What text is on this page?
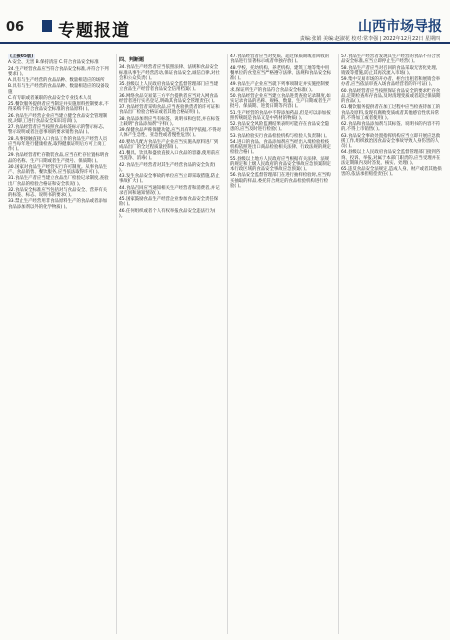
06 专题报道	山西市场导报
责编:张娟 美编:赵淑花 校对:常李强 | 2022年12月22日 星期四

(上接05版)

A.安全、无害 B.保持清洁 C.符合食品安全标准

24.生产经营食品应当符合食品安全标准,并符合下列要求( )。

A.具有与生产经营的食品品种、数量相适应的场所

B.具有与生产经营的食品品种、数量相适应的设备设施

C.有专职或者兼职的食品安全专业技术人员

25.餐饮服务提供者应当制定并实施原料控制要求,不得采购不符合食品安全标准的食品原料( )。

26.食品生产经营企业应当建立健全食品安全管理制度,对职工进行食品安全知识培训( )。

27.食品经营者应当按照食品标签标示的警示标志、警示说明或者注意事项的要求销售食品( )。

28.从事接触直接入口食品工作的食品生产经营人员应当每年进行健康检查,取得健康证明后方可上岗工作( )。

29.食品经营者贮存散装食品,应当在贮存位置标明食品的名称、生产日期或者生产批号、保质期( )。

30.国家对食品生产经营实行许可制度。从事食品生产、食品销售、餐饮服务,应当依法取得许可( )。

31.食品生产者应当建立食品出厂检验记录制度,查验出厂食品的检验合格证和安全状况( )。

32.食品安全标准应当包括对与食品安全、营养有关的标签、标志、说明书的要求( )。

33.禁止生产经营用非食品原料生产的食品或者添加食品添加剂以外的化学物质( )。

四、判断题

34.食品生产经营者应当依照法律、法规和食品安全标准从事生产经营活动,保证食品安全,诚信自律,对社会和公众负责( )。

35.县级以上人民政府食品安全监督管理部门应当建立食品生产经营者食品安全信用档案( )。

36.网络食品交易第三方平台提供者应当对入网食品经营者进行实名登记,明确其食品安全管理责任( )。

37.食品经营者采购食品,应当查验供货者的许可证和食品出厂检验合格证或者其他合格证明( )。

38.食品添加剂应当有标签、说明书和包装,并在标签上载明"食品添加剂"字样( )。

39.保健食品声称保健功能,应当具有科学依据,不得对人体产生急性、亚急性或者慢性危害( )。

40.婴幼儿配方食品生产企业应当实施从原料进厂到成品出厂的全过程质量控制( )。

41.餐具、饮具和盛放直接入口食品的容器,使用前应当洗净、消毒( )。

42.食品生产经营者对其生产经营食品的安全负责( )。

43.发生食品安全事故的单位应当立即采取措施,防止事故扩大( )。

44.食品召回应当通知相关生产经营者和消费者,并记录召回和通知情况( )。

45.国家鼓励食品生产经营企业参加食品安全责任保险( )。

46.任何组织或者个人有权举报食品安全违法行为( )。

47.食品经营者应当对变质、超过保质期或者回收的食品进行显著标示或者单独存放( )。

48.学校、托幼机构、养老机构、建筑工地等集中用餐单位的食堂应当严格遵守法律、法规和食品安全标准( )。

49.食品生产企业应当就下列事项制定并实施控制要求,保证所生产的食品符合食品安全标准( )。

50.食品经营企业应当建立食品进货查验记录制度,如实记录食品的名称、规格、数量、生产日期或者生产批号、保质期、进货日期等内容( )。

51.生产经营的食品中不得添加药品,但是可以添加按照传统既是食品又是中药材的物质( )。

52.食品安全风险监测结果表明可能存在食品安全隐患的,应当及时进行检验( )。

53.食品检验实行食品检验机构与检验人负责制( )。

54.进口的食品、食品添加剂应当经出入境检验检疫机构依照进出口商品检验相关法律、行政法规的规定检验合格( )。

55.县级以上地方人民政府应当根据有关法律、法规的规定和上级人民政府的食品安全事故应急预案制定本行政区域的食品安全事故应急预案( )。

56.食品安全监督管理部门在进行抽样检验时,应当购买抽取的样品,委托符合规定的食品检验机构进行检验( )。

57.食品生产经营者发现其生产经营的食品不符合食品安全标准,应当立即停止生产经营( )。

58.食品生产者应当对召回的食品采取无害化处理、销毁等措施,防止其再次流入市场( )。

59.集中交易市场的开办者、柜台出租者和展销会举办者,应当依法审查入场食品经营者的许可证( )。

60.食品经营者应当按照保证食品安全的要求贮存食品,定期检查库存食品,及时清理变质或者超过保质期的食品( )。

61.餐饮服务提供者在加工过程中应当检查待加工的食品及原料,发现有腐败变质或者其他感官性状异常的,不得加工或者使用( )。

62.食品和食品添加剂与其标签、说明书的内容不符的,不得上市销售( )。

63.食品安全事故处置指挥机构应当立即开展应急救援工作,组织救治因食品安全事故导致人身伤害的人员( )。

64.县级以上人民政府食品安全监督管理部门接到咨询、投诉、举报,对属于本部门职责的,应当受理并在法定期限内及时答复、核实、处理( )。

65.违反食品安全法规定,造成人身、财产或者其他损害的,依法承担赔偿责任( )。
